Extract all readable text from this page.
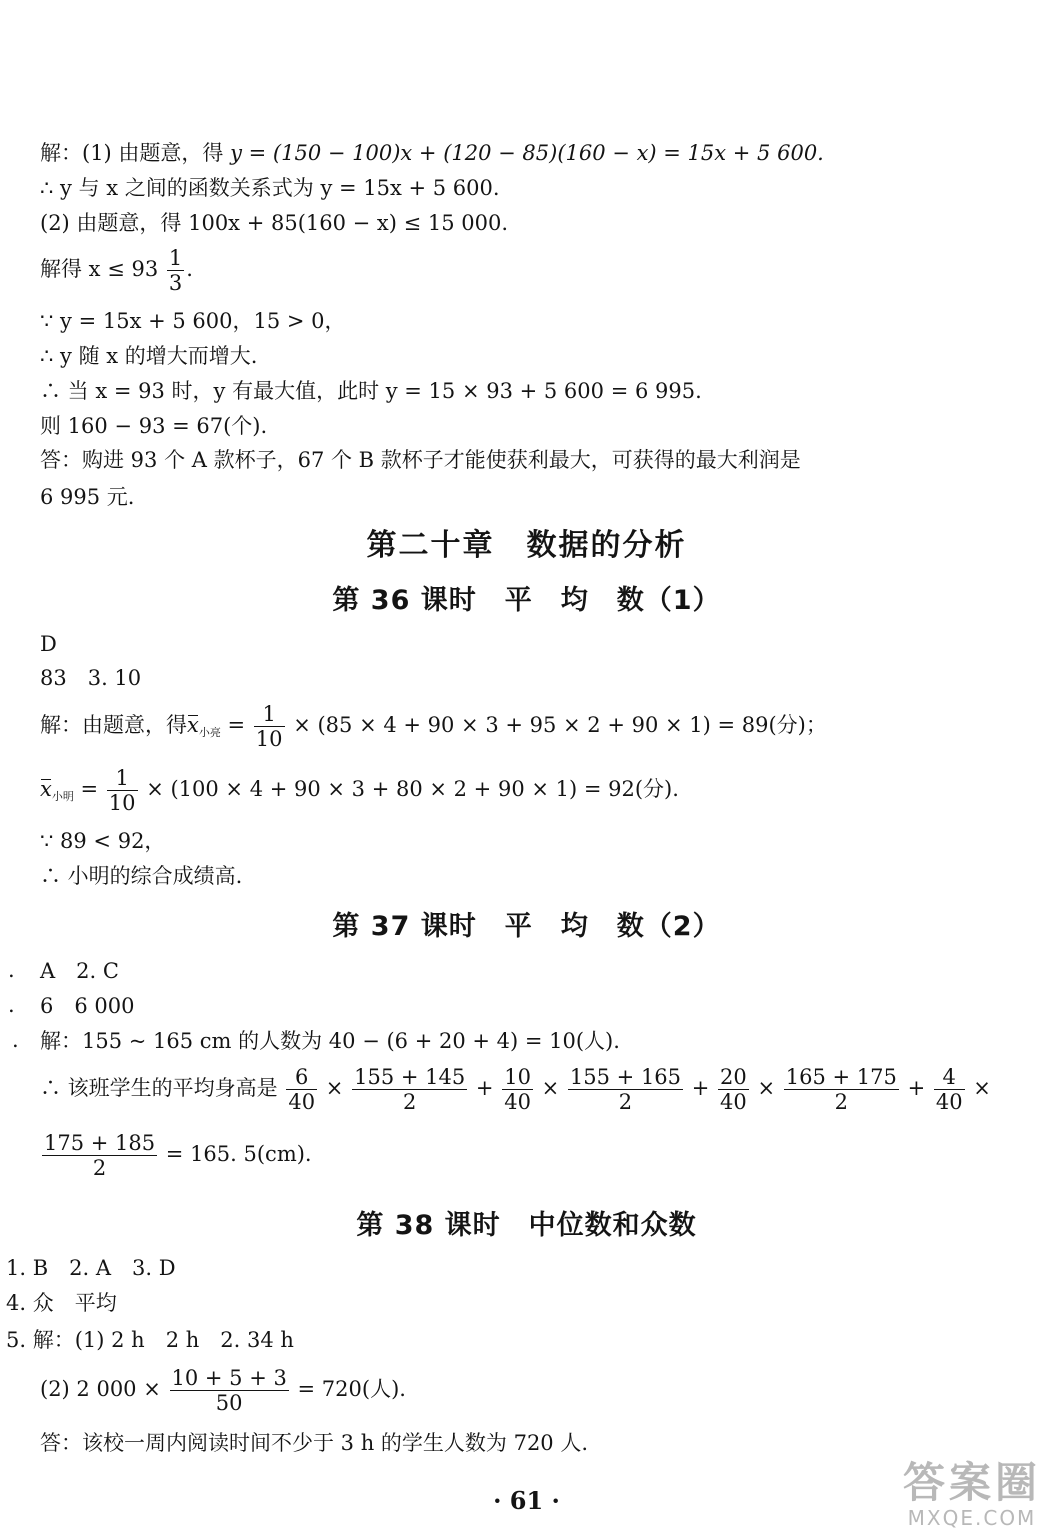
解：(1) 由题意，得 y = (150 − 100)x + (120 − 85)(160 − x) = 15x + 5 600.
∴ y 与 x 之间的函数关系式为 y = 15x + 5 600.
(2) 由题意，得 100x + 85(160 − x) ≤ 15 000.
解得 $x \le 93 \frac{1}{3}$ .
∵ y = 15x + 5 600，15 > 0，
∴ y 随 x 的增大而增大.
∴ 当 x = 93 时，y 有最大值，此时 y = 15 × 93 + 5 600 = 6 995.
则 160 − 93 = 67(个).
答：购进 93 个 A 款杯子，67 个 B 款杯子才能使获利最大，可获得的最大利润是
6 995 元.
第二十章　数据的分析
第 36 课时　平　均　数（1）
D
83　3. 10
解：由题意，得$x_{小亮} = \frac{1}{10} \times (85 \times 4 + 90 \times 3 + 95 \times 2 + 90 \times 1) = 89$(分)；
$x_{小明} = \frac{1}{10} \times (100 \times 4 + 90 \times 3 + 80 \times 2 + 90 \times 1) = 92$(分).
∵ 89 < 92，
∴ 小明的综合成绩高.
第 37 课时　平　均　数（2）
. A　2. C
. 6　6 000
. 解：155 ~ 165 cm 的人数为 40 − (6 + 20 + 4) = 10(人).
∴ 该班学生的平均身高是 $\frac{6}{40} \times \frac{155 + 145}{2} + \frac{10}{40} \times \frac{155 + 165}{2} + \frac{20}{40} \times \frac{165 + 175}{2} + \frac{4}{40}$ ×
$\frac{175 + 185}{2} = 165$. 5(cm).
第 38 课时　中位数和众数
1. B　2. A　3. D
4. 众　平均
5. 解：(1) 2 h　2 h　2. 34 h
(2) 2 $000 \times \frac{10 + 5 + 3}{50} = 720$(人).
答：该校一周内阅读时间不少于 3 h 的学生人数为 720 人.
· 61 ·	答案圈
MXQE.COM
